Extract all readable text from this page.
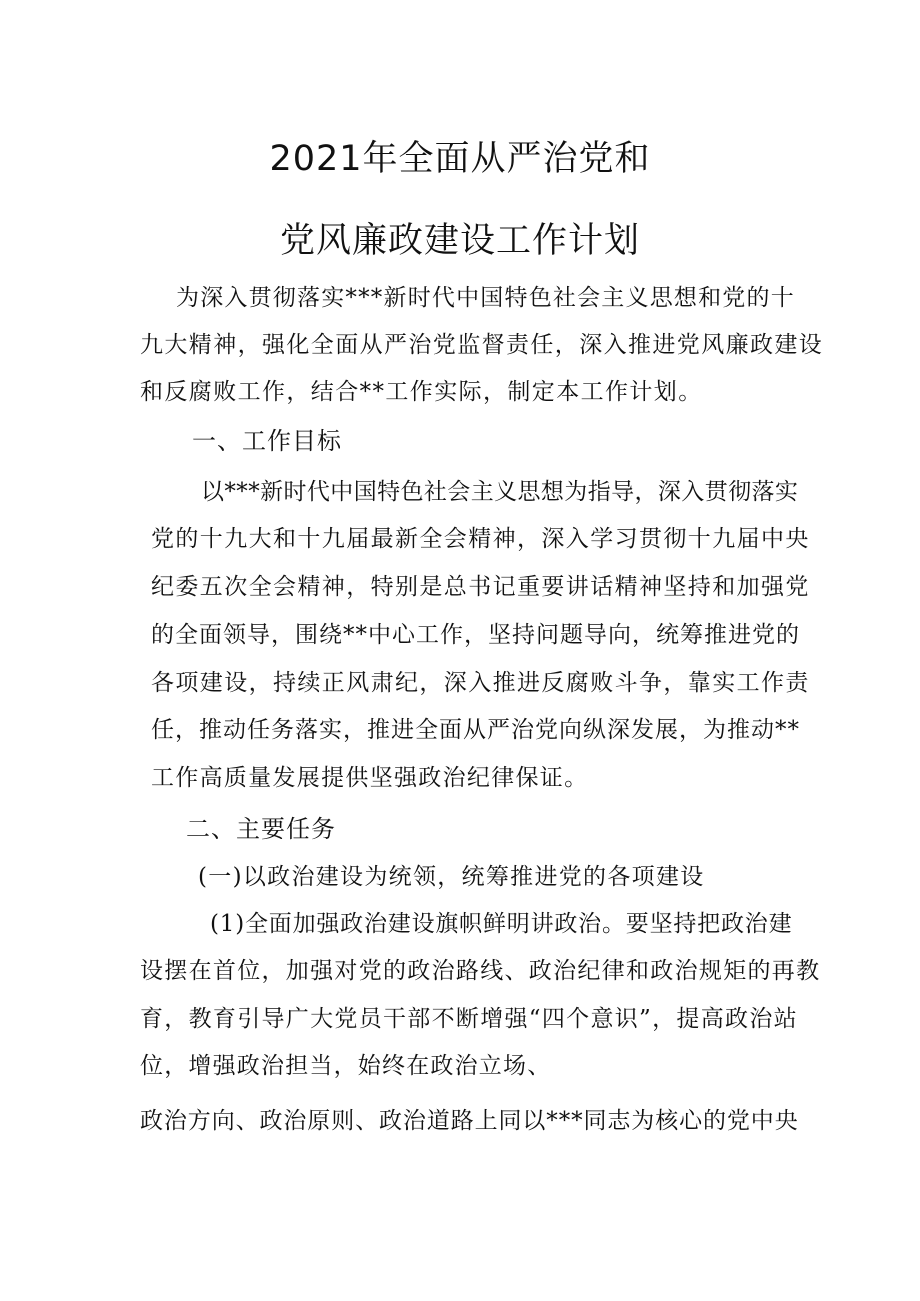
2021年全面从严治党和
党风廉政建设工作计划
为深入贯彻落实***新时代中国特色社会主义思想和党的十
九大精神，强化全面从严治党监督责任，深入推进党风廉政建设
和反腐败工作，结合**工作实际，制定本工作计划。
一、工作目标
以***新时代中国特色社会主义思想为指导，深入贯彻落实
党的十九大和十九届最新全会精神，深入学习贯彻十九届中央
纪委五次全会精神，特别是总书记重要讲话精神坚持和加强党
的全面领导，围绕**中心工作，坚持问题导向，统筹推进党的
各项建设，持续正风肃纪，深入推进反腐败斗争，靠实工作责
任，推动任务落实，推进全面从严治党向纵深发展，为推动**
工作高质量发展提供坚强政治纪律保证。
二、主要任务
(一)以政治建设为统领，统筹推进党的各项建设
(1)全面加强政治建设旗帜鲜明讲政治。要坚持把政治建
设摆在首位，加强对党的政治路线、政治纪律和政治规矩的再教
育，教育引导广大党员干部不断增强“四个意识”，提高政治站
位，增强政治担当，始终在政治立场、
政治方向、政治原则、政治道路上同以***同志为核心的党中央
